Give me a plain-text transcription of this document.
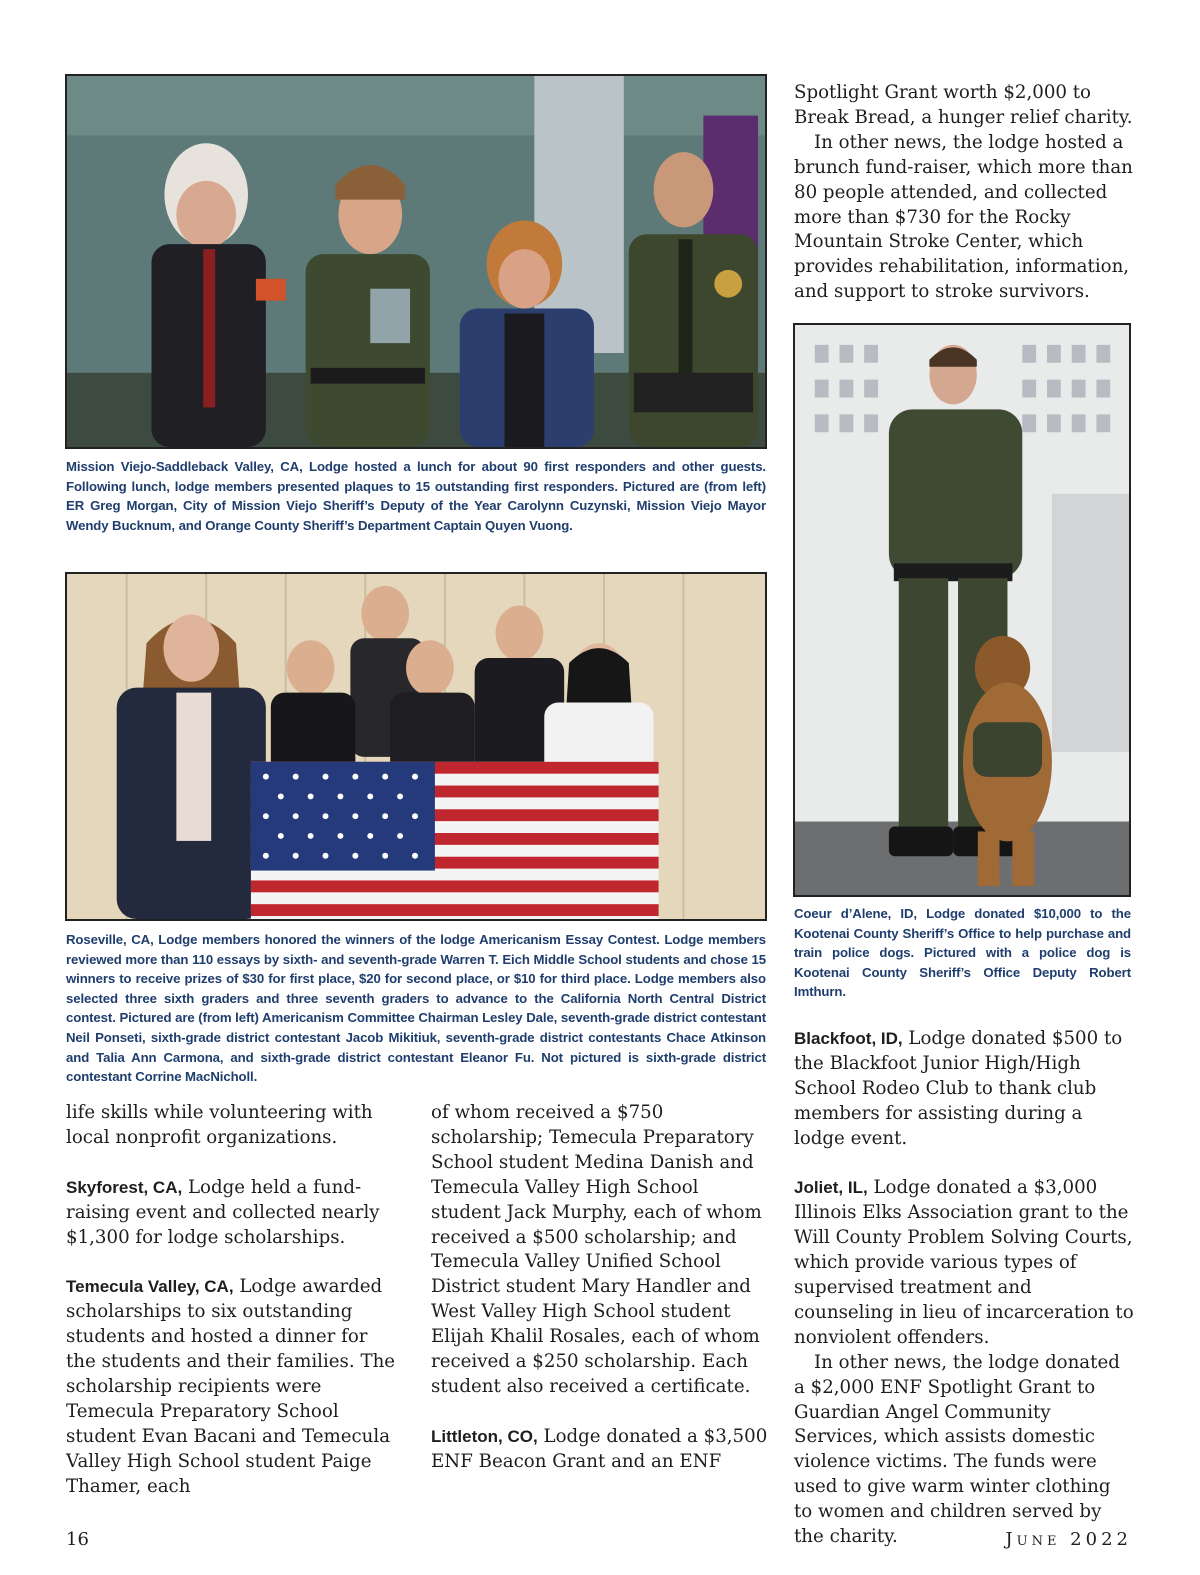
Mission Viejo-Saddleback Valley, CA, Lodge hosted a lunch for about 90 first responders and other guests. Following lunch, lodge members presented plaques to 15 outstanding first responders. Pictured are (from left) ER Greg Morgan, City of Mission Viejo Sheriff’s Deputy of the Year Carolynn Cuzynski, Mission Viejo Mayor Wendy Bucknum, and Orange County Sheriff’s Department Captain Quyen Vuong.
Roseville, CA, Lodge members honored the winners of the lodge Americanism Essay Contest. Lodge members reviewed more than 110 essays by sixth- and seventh-grade Warren T. Eich Middle School students and chose 15 winners to receive prizes of $30 for first place, $20 for second place, or $10 for third place. Lodge members also selected three sixth graders and three seventh graders to advance to the California North Central District contest. Pictured are (from left) Americanism Committee Chairman Lesley Dale, seventh-grade district contestant Neil Ponseti, sixth-grade district contestant Jacob Mikitiuk, seventh-grade district contestants Chace Atkinson and Talia Ann Carmona, and sixth-grade district contestant Eleanor Fu. Not pictured is sixth-grade district contestant Corrine MacNicholl.
Coeur d’Alene, ID, Lodge donated $10,000 to the Kootenai County Sheriff’s Office to help purchase and train police dogs. Pictured with a police dog is Kootenai County Sheriff’s Office Deputy Robert Imthurn.

Spotlight Grant worth $2,000 to Break Bread, a hunger relief charity.

In other news, the lodge hosted a brunch fund-raiser, which more than 80 people attended, and collected more than $730 for the Rocky Mountain Stroke Center, which provides rehabilitation, information, and support to stroke survivors.

Blackfoot, ID, Lodge donated $500 to the Blackfoot Junior High/High School Rodeo Club to thank club members for assisting during a lodge event.

Joliet, IL, Lodge donated a $3,000 Illinois Elks Association grant to the Will County Problem Solving Courts, which provide various types of supervised treatment and counseling in lieu of incarceration to nonviolent offenders.

In other news, the lodge donated a $2,000 ENF Spotlight Grant to Guardian Angel Community Services, which assists domestic violence victims. The funds were used to give warm winter clothing to women and children served by the charity.

life skills while volunteering with local nonprofit organizations.

Skyforest, CA, Lodge held a fund-raising event and collected nearly $1,300 for lodge scholarships.

Temecula Valley, CA, Lodge awarded scholarships to six outstanding students and hosted a dinner for the students and their families. The scholarship recipients were Temecula Preparatory School student Evan Bacani and Temecula Valley High School student Paige Thamer, each

of whom received a $750 scholarship; Temecula Preparatory School student Medina Danish and Temecula Valley High School student Jack Murphy, each of whom received a $500 scholarship; and Temecula Valley Unified School District student Mary Handler and West Valley High School student Elijah Khalil Rosales, each of whom received a $250 scholarship. Each student also received a certificate.

Littleton, CO, Lodge donated a $3,500 ENF Beacon Grant and an ENF

16	June 2022
